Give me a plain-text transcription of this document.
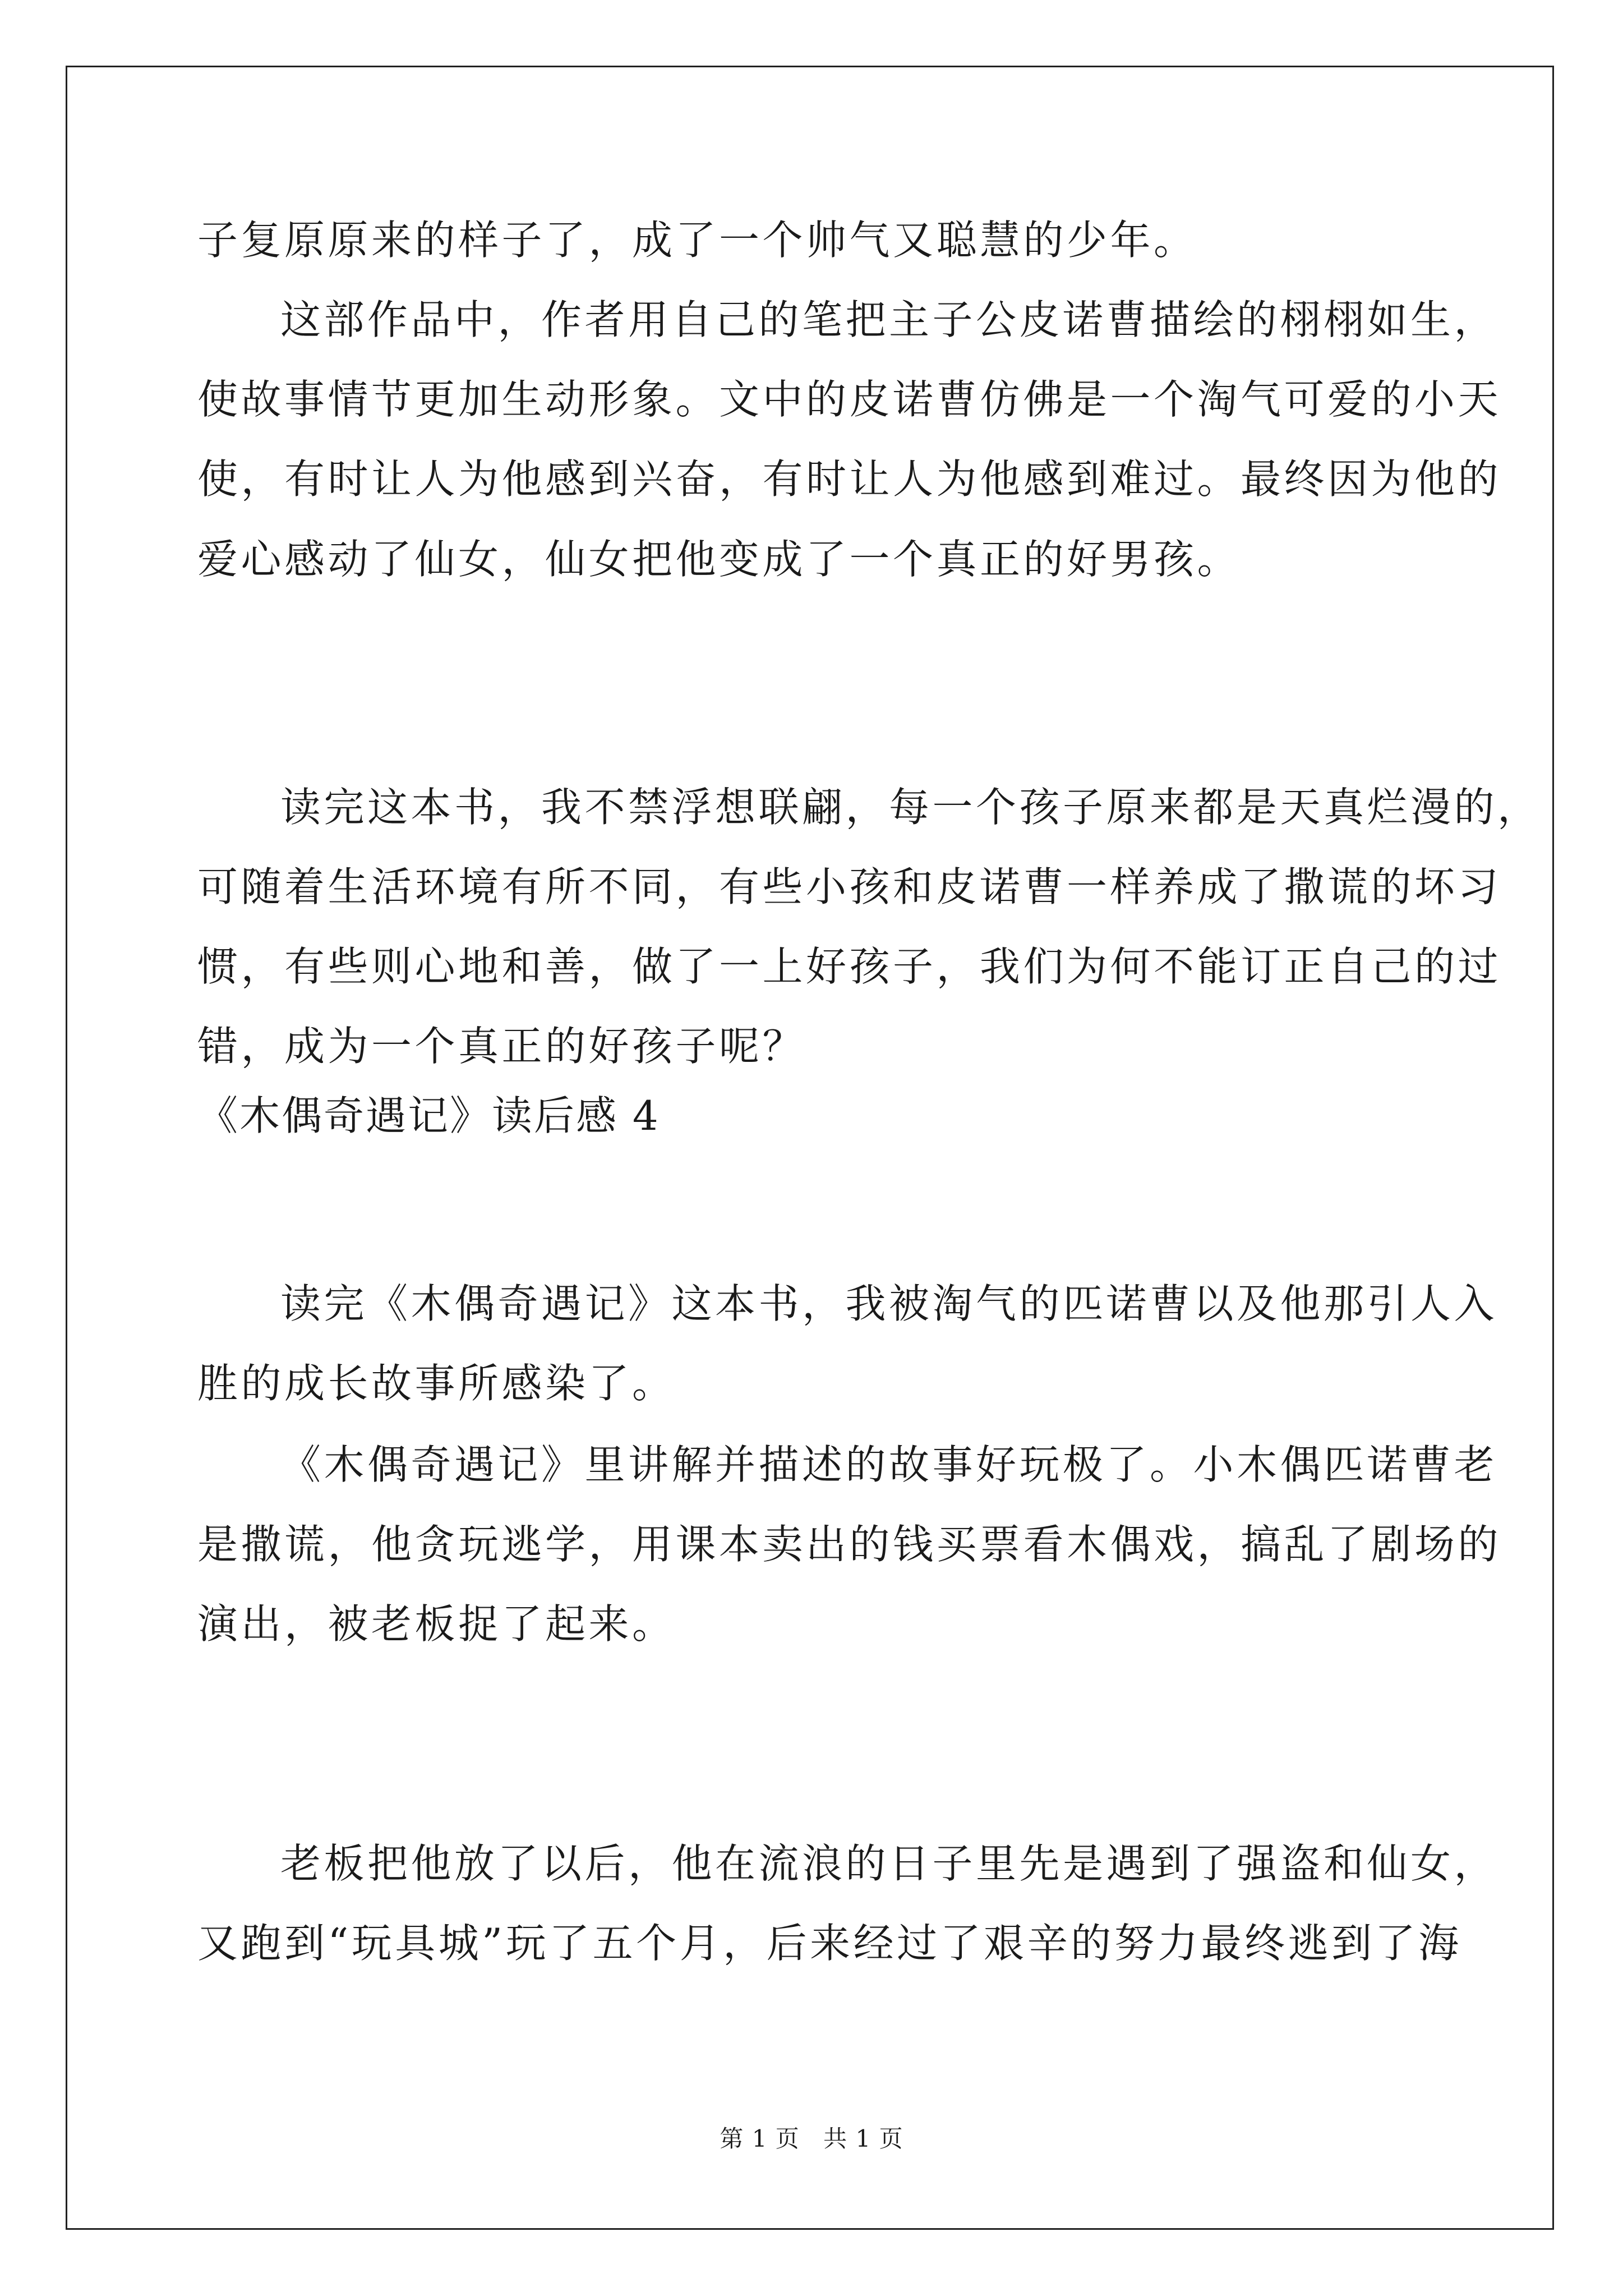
子复原原来的样子了，成了一个帅气又聪慧的少年。
这部作品中，作者用自己的笔把主子公皮诺曹描绘的栩栩如生，
使故事情节更加生动形象。文中的皮诺曹仿佛是一个淘气可爱的小天
使，有时让人为他感到兴奋，有时让人为他感到难过。最终因为他的
爱心感动了仙女，仙女把他变成了一个真正的好男孩。
读完这本书，我不禁浮想联翩，每一个孩子原来都是天真烂漫的，
可随着生活环境有所不同，有些小孩和皮诺曹一样养成了撒谎的坏习
惯，有些则心地和善，做了一上好孩子，我们为何不能订正自己的过
错，成为一个真正的好孩子呢？
《木偶奇遇记》读后感 4
读完《木偶奇遇记》这本书，我被淘气的匹诺曹以及他那引人入
胜的成长故事所感染了。
《木偶奇遇记》里讲解并描述的故事好玩极了。小木偶匹诺曹老
是撒谎，他贪玩逃学，用课本卖出的钱买票看木偶戏，搞乱了剧场的
演出，被老板捉了起来。
老板把他放了以后，他在流浪的日子里先是遇到了强盗和仙女，
又跑到“玩具城”玩了五个月，后来经过了艰辛的努力最终逃到了海
第 1 页 共 1 页
